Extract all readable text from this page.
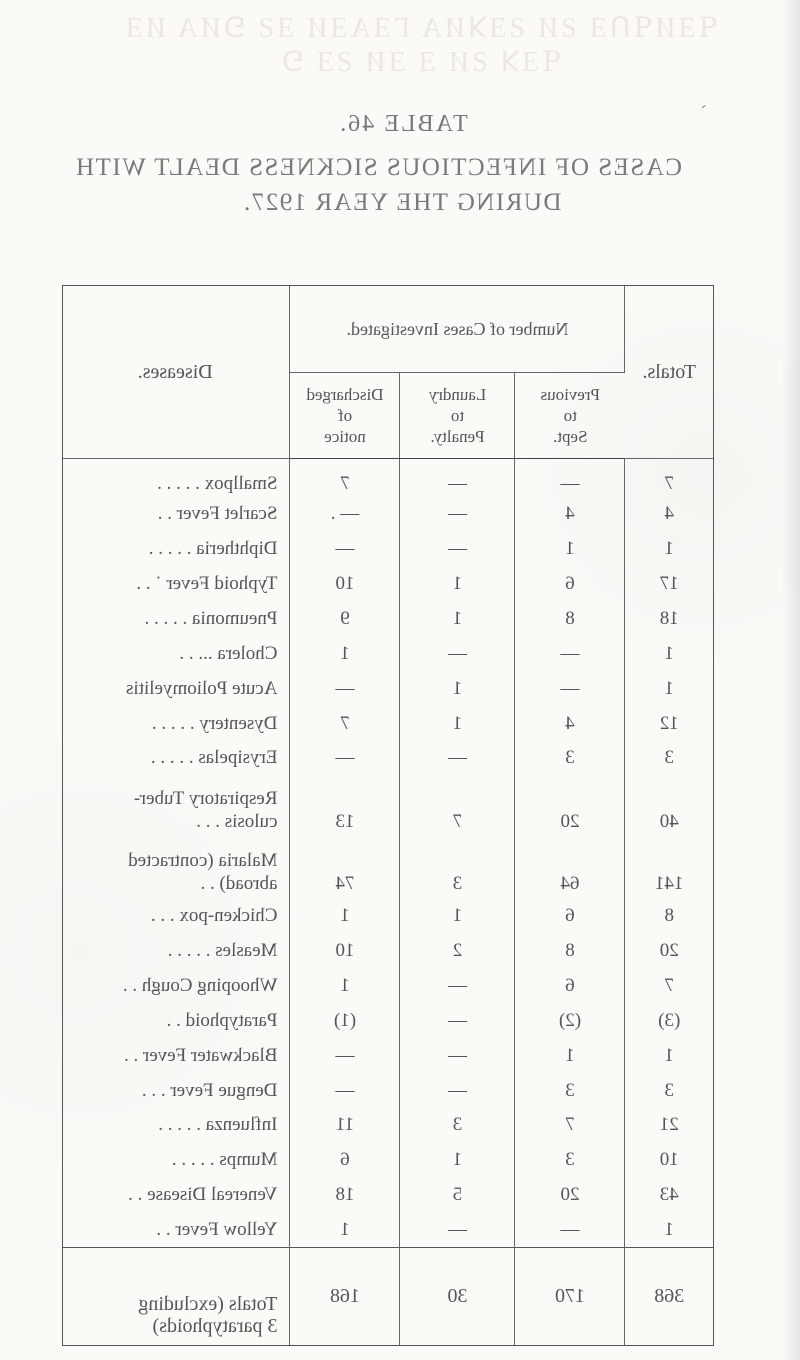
ꟼƎИꟼᑎƎ ƧИ ƧƎꓘИA ΓƎAƎИ ƎƧ ꓨИA ИƎ
ꟼƎꓘ ƧИ Ǝ ƎИ ƧƎ ꓨ
TABLE 46.
CASES OF INFECTIOUS SICKNESS DEALT WITH
DURING THE YEAR 1927.
Totals.	Number of Cases Investigated.			Diseases.
	Previous
to
Sept.	Laundry
to
Penalty.	Discharged
of
notice	
7	—	—	7	Smallpox . . . . .
4	4	—	— .	Scarlet Fever . .
1	1	—	—	Diphtheria . . . . .
17	6	1	10	Typhoid Fever ˙ . .
18	8	1	9	Pneumonia . . . . .
1	—	—	1	Cholera ... . .
1	—	1	—	Acute Poliomyelitis
12	4	1	7	Dysentery . . . . .
3	3	—	—	Erysipelas . . . . .
40	20	7	13	Respiratory Tuber-
culosis . . .
141	64	3	74	Malaria (contracted
abroad) . .
8	6	1	1	Chicken-pox . . .
20	8	2	10	Measles . . . . .
7	6	—	1	Whooping Cough . .
(3)	(2)	—	(1)	Paratyphoid . .
1	1	—	—	Blackwater Fever . .
3	3	—	—	Dengue Fever . . .
21	7	3	11	Influenza . . . . .
10	3	1	6	Mumps . . . . .
43	20	5	18	Venereal Disease . .
1	—	—	1	Yellow Fever . .
368	170	30	168	Totals (excluding
3 paratyphoids)
